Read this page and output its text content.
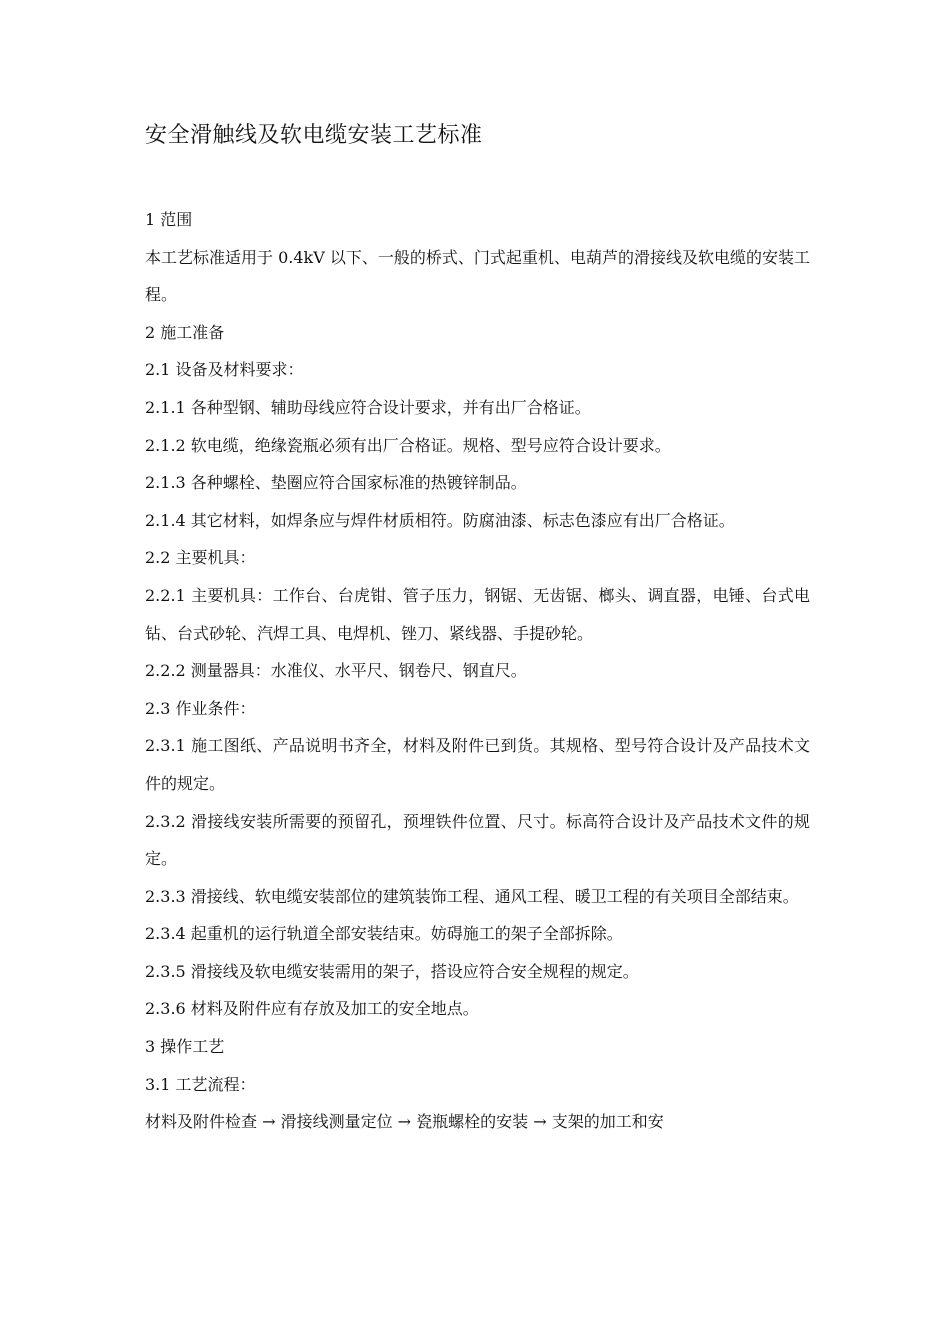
安全滑触线及软电缆安装工艺标准

1 范围

本工艺标准适用于 0.4kV 以下、一般的桥式、门式起重机、电葫芦的滑接线及软电缆的安装工程。

2 施工准备

2.1 设备及材料要求：

2.1.1 各种型钢、辅助母线应符合设计要求，并有出厂合格证。

2.1.2 软电缆，绝缘瓷瓶必须有出厂合格证。规格、型号应符合设计要求。

2.1.3 各种螺栓、垫圈应符合国家标准的热镀锌制品。

2.1.4 其它材料，如焊条应与焊件材质相符。防腐油漆、标志色漆应有出厂合格证。

2.2 主要机具：

2.2.1 主要机具：工作台、台虎钳、管子压力，钢锯、无齿锯、榔头、调直器，电锤、台式电钻、台式砂轮、汽焊工具、电焊机、锉刀、紧线器、手提砂轮。

2.2.2 测量器具：水准仪、水平尺、钢卷尺、钢直尺。

2.3 作业条件：

2.3.1 施工图纸、产品说明书齐全，材料及附件已到货。其规格、型号符合设计及产品技术文件的规定。

2.3.2 滑接线安装所需要的预留孔，预埋铁件位置、尺寸。标高符合设计及产品技术文件的规定。

2.3.3 滑接线、软电缆安装部位的建筑装饰工程、通风工程、暖卫工程的有关项目全部结束。

2.3.4 起重机的运行轨道全部安装结束。妨碍施工的架子全部拆除。

2.3.5 滑接线及软电缆安装需用的架子，搭设应符合安全规程的规定。

2.3.6 材料及附件应有存放及加工的安全地点。

3 操作工艺

3.1 工艺流程：

材料及附件检查 → 滑接线测量定位 → 瓷瓶螺栓的安装 → 支架的加工和安
